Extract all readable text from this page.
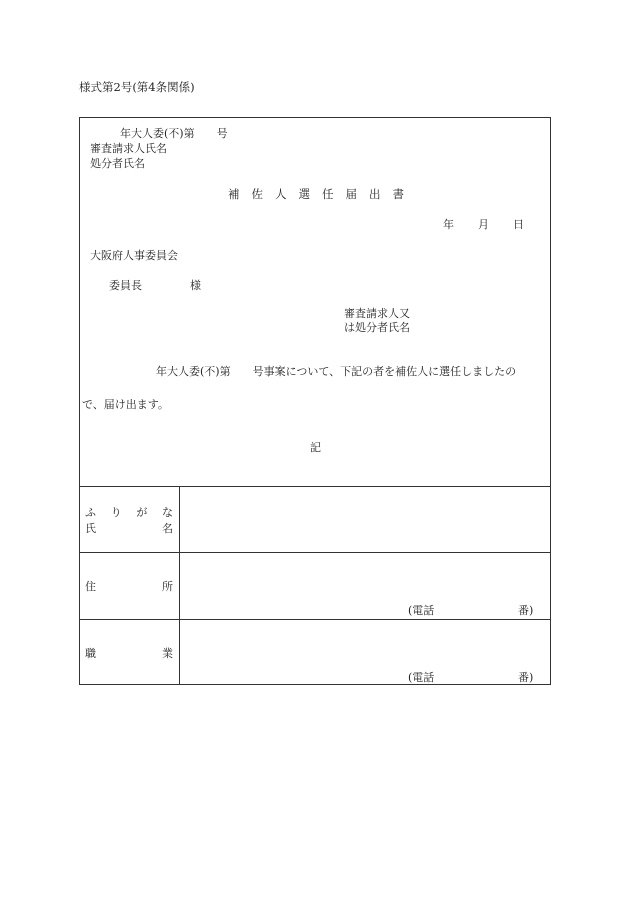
様式第2号(第4条関係)
年大人委(不)第　　号
審査請求人氏名
処分者氏名
補 佐 人 選 任 届 出 書
年 月 日
大阪府人事委員会
委員長	様
審査請求人又
は処分者氏名
年大人委(不)第　　号事案について、下記の者を補佐人に選任しましたの
で、届け出ます。
記
ふ り が な
氏	名
住	所
(電話	番)
職	業
(電話	番)
